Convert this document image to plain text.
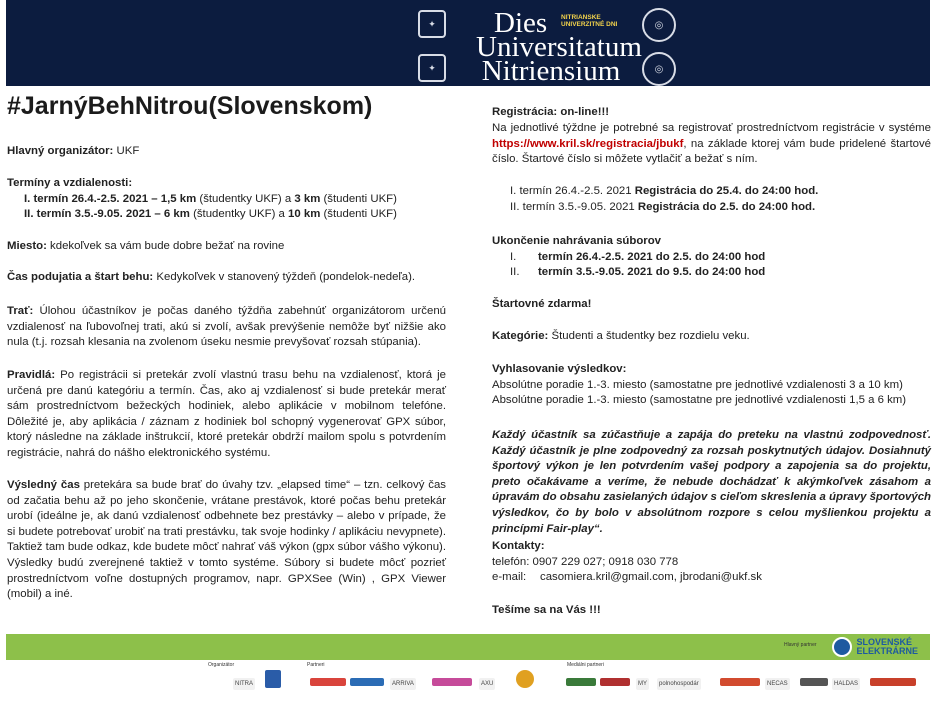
✦
✦
◎
◎
Dies
Universitatum
Nitriensium
NITRIANSKE
UNIVERZITNÉ DNI
#JarnýBehNitrou(Slovenskom)

Hlavný organizátor: UKF

Termíny a vzdialenosti:
I. termín 26.4.-2.5. 2021 – 1,5 km (študentky UKF) a 3 km (študenti UKF)
II. termín 3.5.-9.05. 2021 – 6 km (študentky UKF) a 10 km (študenti UKF)

Miesto: kdekoľvek sa vám bude dobre bežať na rovine

Čas podujatia a štart behu: Kedykoľvek v stanovený týždeň (pondelok-nedeľa).

Trať: Úlohou účastníkov je počas daného týždňa zabehnúť organizátorom určenú vzdialenosť na ľubovoľnej trati, akú si zvolí, avšak prevýšenie nemôže byť nižšie ako nula (t.j. rozsah klesania na zvolenom úseku nesmie prevyšovať rozsah stúpania).

Pravidlá: Po registrácii si pretekár zvolí vlastnú trasu behu na vzdialenosť, ktorá je určená pre danú kategóriu a termín. Čas, ako aj vzdialenosť si bude pretekár merať sám prostredníctvom bežeckých hodiniek, alebo aplikácie v mobilnom telefóne. Dôležité je, aby aplikácia / záznam z hodiniek bol schopný vygenerovať GPX súbor, ktorý následne na základe inštrukcií, ktoré pretekár obdrží mailom spolu s potvrdením registrácie, nahrá do nášho elektronického systému.

Výsledný čas pretekára sa bude brať do úvahy tzv. „elapsed time“ – tzn. celkový čas od začatia behu až po jeho skončenie, vrátane prestávok, ktoré počas behu pretekár urobí (ideálne je, ak danú vzdialenosť odbehnete bez prestávky – alebo v prípade, že si budete potrebovať urobiť na trati prestávku, tak svoje hodinky / aplikáciu nevypnete). Taktiež tam bude odkaz, kde budete môcť nahrať váš výkon (gpx súbor vášho výkonu). Výsledky budú zverejnené taktiež v tomto systéme. Súbory si budete môcť pozrieť prostredníctvom voľne dostupných programov, napr. GPXSee (Win) , GPX Viewer (mobil) a iné.

Registrácia: on-line!!!

Na jednotlivé týždne je potrebné sa registrovať prostredníctvom registrácie v systéme https://www.kril.sk/registracia/jbukf, na základe ktorej vám bude pridelené štartové číslo. Štartové číslo si môžete vytlačiť a bežať s ním.

I. termín 26.4.-2.5. 2021 Registrácia do 25.4. do 24:00 hod.
II. termín 3.5.-9.05. 2021 Registrácia do 2.5. do 24:00 hod.

Ukončenie nahrávania súborov
I. termín 26.4.-2.5. 2021 do 2.5. do 24:00 hod
II. termín 3.5.-9.05. 2021 do 9.5. do 24:00 hod

Štartovné zdarma!

Kategórie: Študenti a študentky bez rozdielu veku.

Vyhlasovanie výsledkov:
Absolútne poradie 1.-3. miesto (samostatne pre jednotlivé vzdialenosti 3 a 10 km)
Absolútne poradie 1.-3. miesto (samostatne pre jednotlivé vzdialenosti 1,5 a 6 km)

Každý účastník sa zúčastňuje a zapája do preteku na vlastnú zodpovednosť. Každý účastník je plne zodpovedný za rozsah poskytnutých údajov. Dosiahnutý športový výkon je len potvrdením vašej podpory a zapojenia sa do projektu, preto očakávame a veríme, že nebude dochádzať k akýmkoľvek zásahom a úpravám do obsahu zasielaných údajov s cieľom skreslenia a úpravy športových výsledkov, čo by bolo v absolútnom rozpore s celou myšlienkou projektu a princípmi Fair-play“.

Kontakty:
telefón: 0907 229 027; 0918 030 778
e-mail: casomiera.kril@gmail.com, jbrodani@ukf.sk

Tešíme sa na Vás !!!

Hlavný partner	SLOVENSKÉ
ELEKTRÁRNE
Organizátor	Partneri	Mediálni partneri
NITRA	ARRIVA	AXU	polnohospodár
MY	NECAS	HALDAS
